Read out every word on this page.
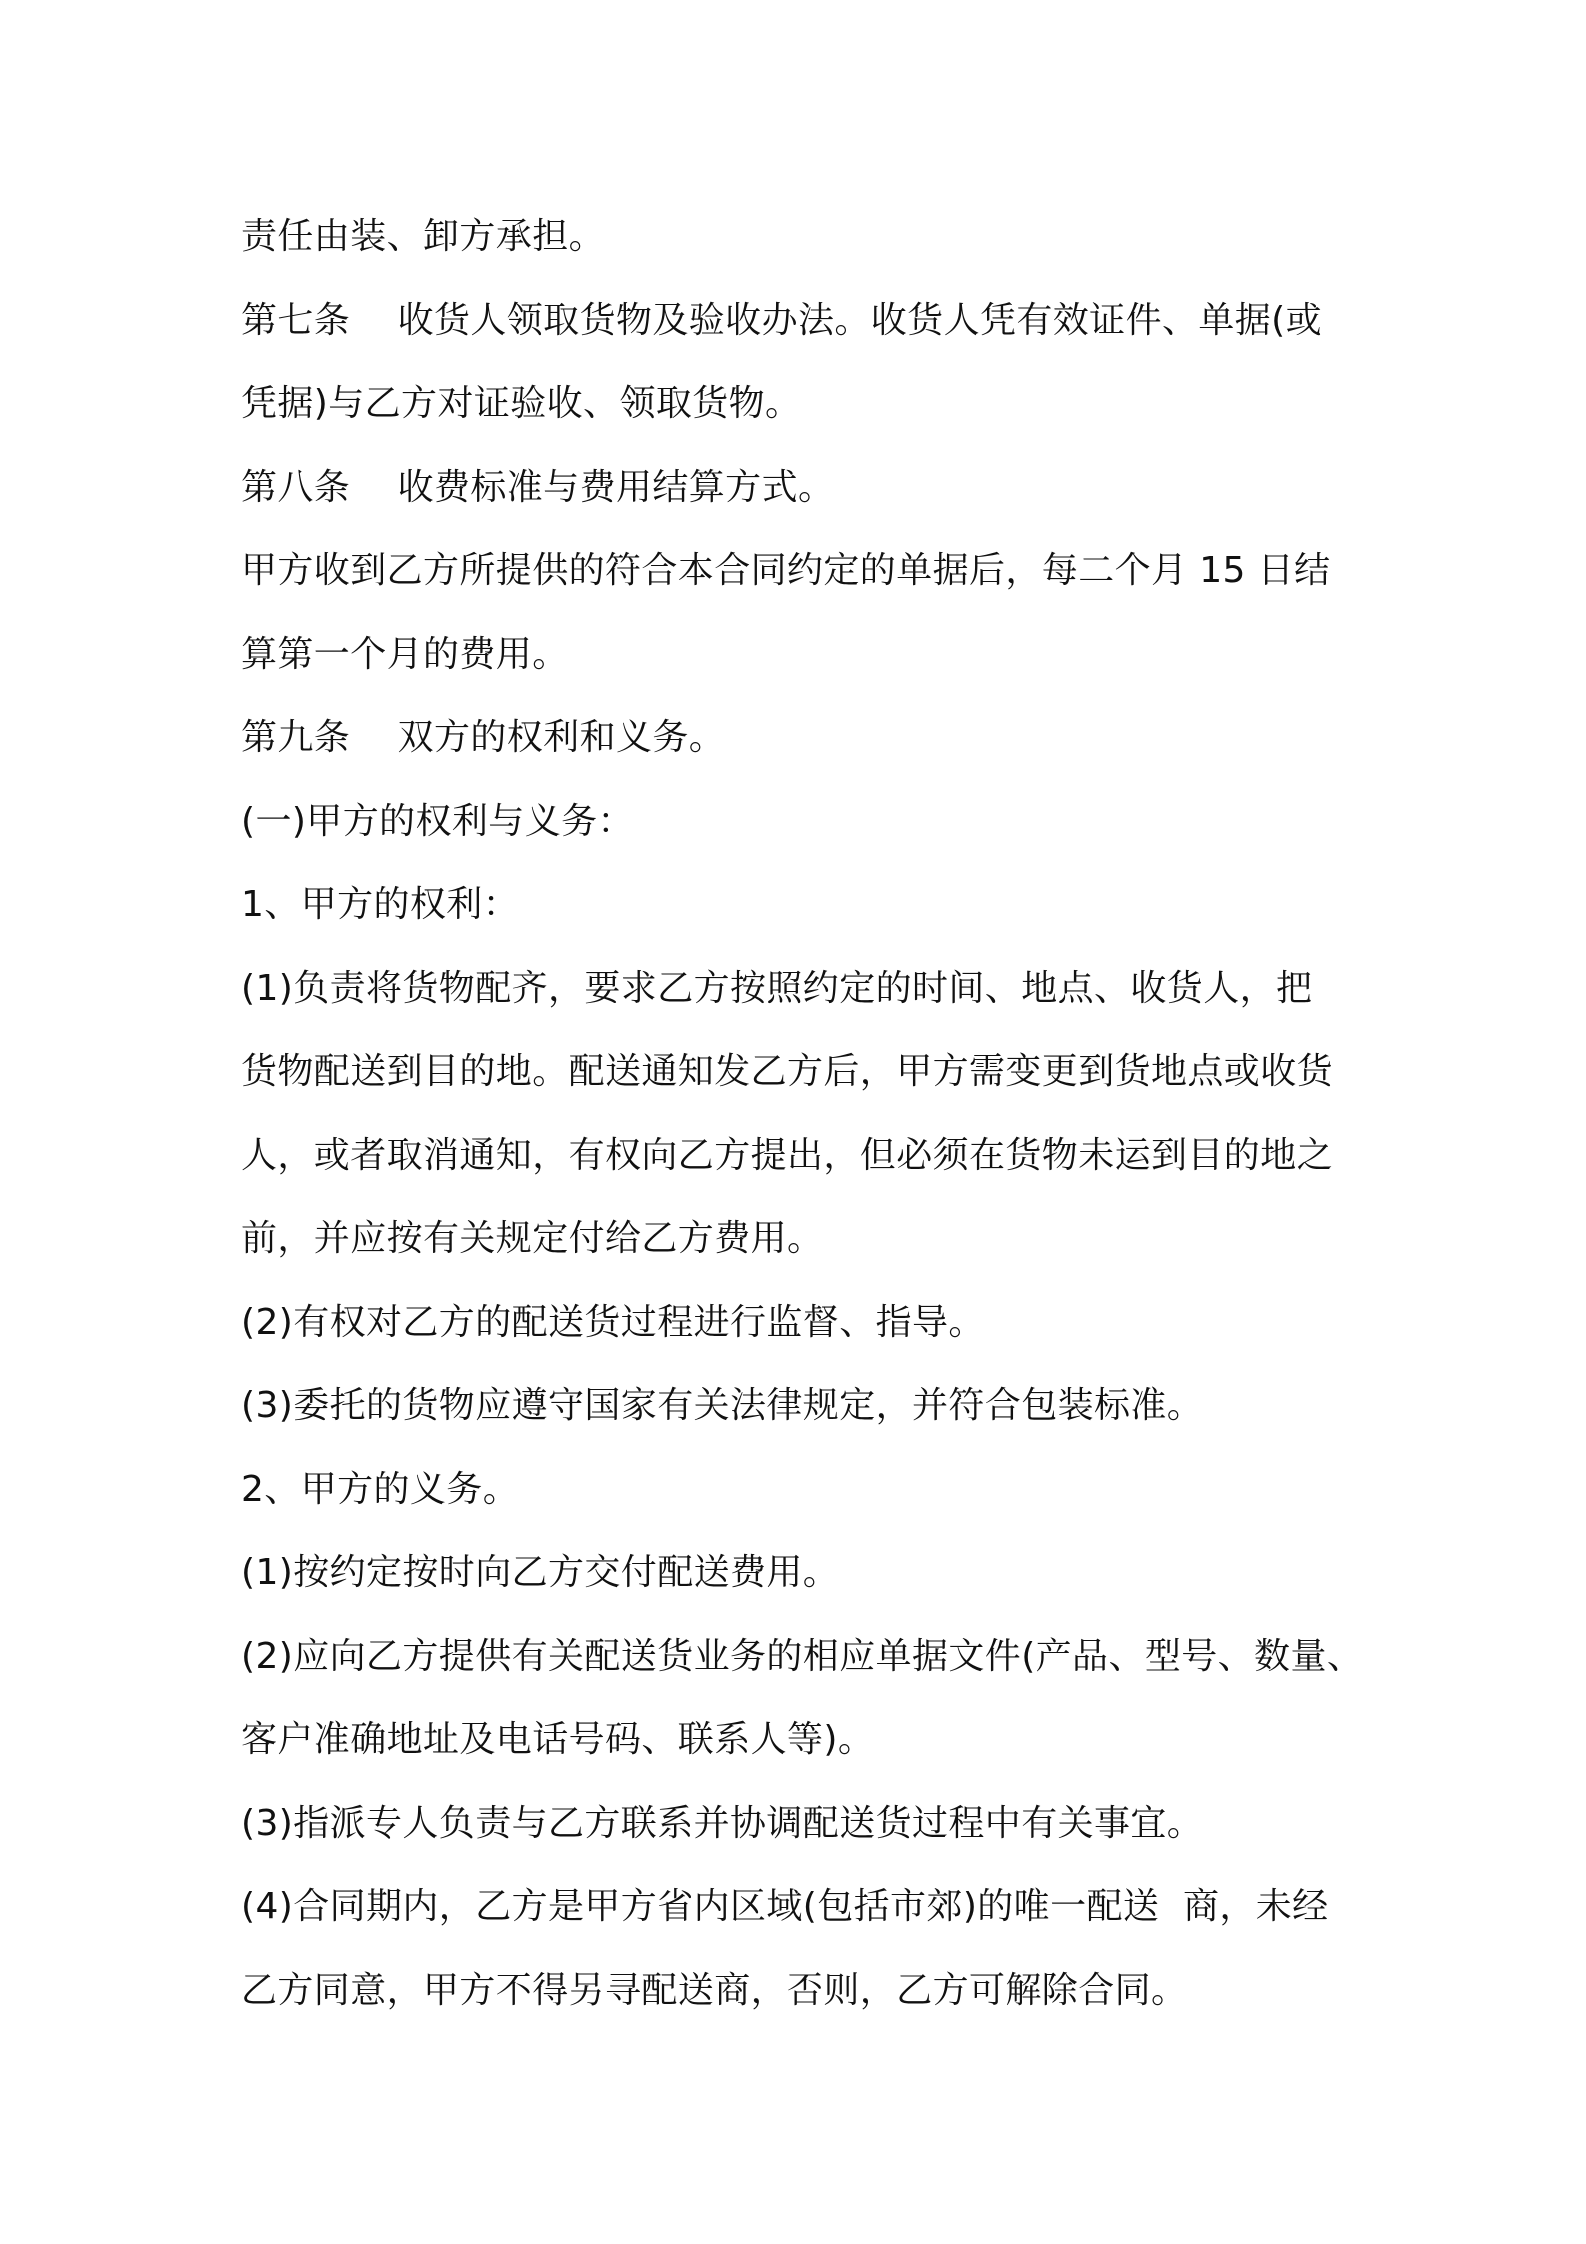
责任由装、卸方承担。
第七条    收货人领取货物及验收办法。收货人凭有效证件、单据(或
凭据)与乙方对证验收、领取货物。
第八条    收费标准与费用结算方式。
甲方收到乙方所提供的符合本合同约定的单据后，每二个月 15 日结
算第一个月的费用。
第九条    双方的权利和义务。
(一)甲方的权利与义务：
1、甲方的权利：
(1)负责将货物配齐，要求乙方按照约定的时间、地点、收货人，把
货物配送到目的地。配送通知发乙方后，甲方需变更到货地点或收货
人，或者取消通知，有权向乙方提出，但必须在货物未运到目的地之
前，并应按有关规定付给乙方费用。
(2)有权对乙方的配送货过程进行监督、指导。
(3)委托的货物应遵守国家有关法律规定，并符合包装标准。
2、甲方的义务。
(1)按约定按时向乙方交付配送费用。
(2)应向乙方提供有关配送货业务的相应单据文件(产品、型号、数量、
客户准确地址及电话号码、联系人等)。
(3)指派专人负责与乙方联系并协调配送货过程中有关事宜。
(4)合同期内，乙方是甲方省内区域(包括市郊)的唯一配送  商，未经
乙方同意，甲方不得另寻配送商，否则，乙方可解除合同。
